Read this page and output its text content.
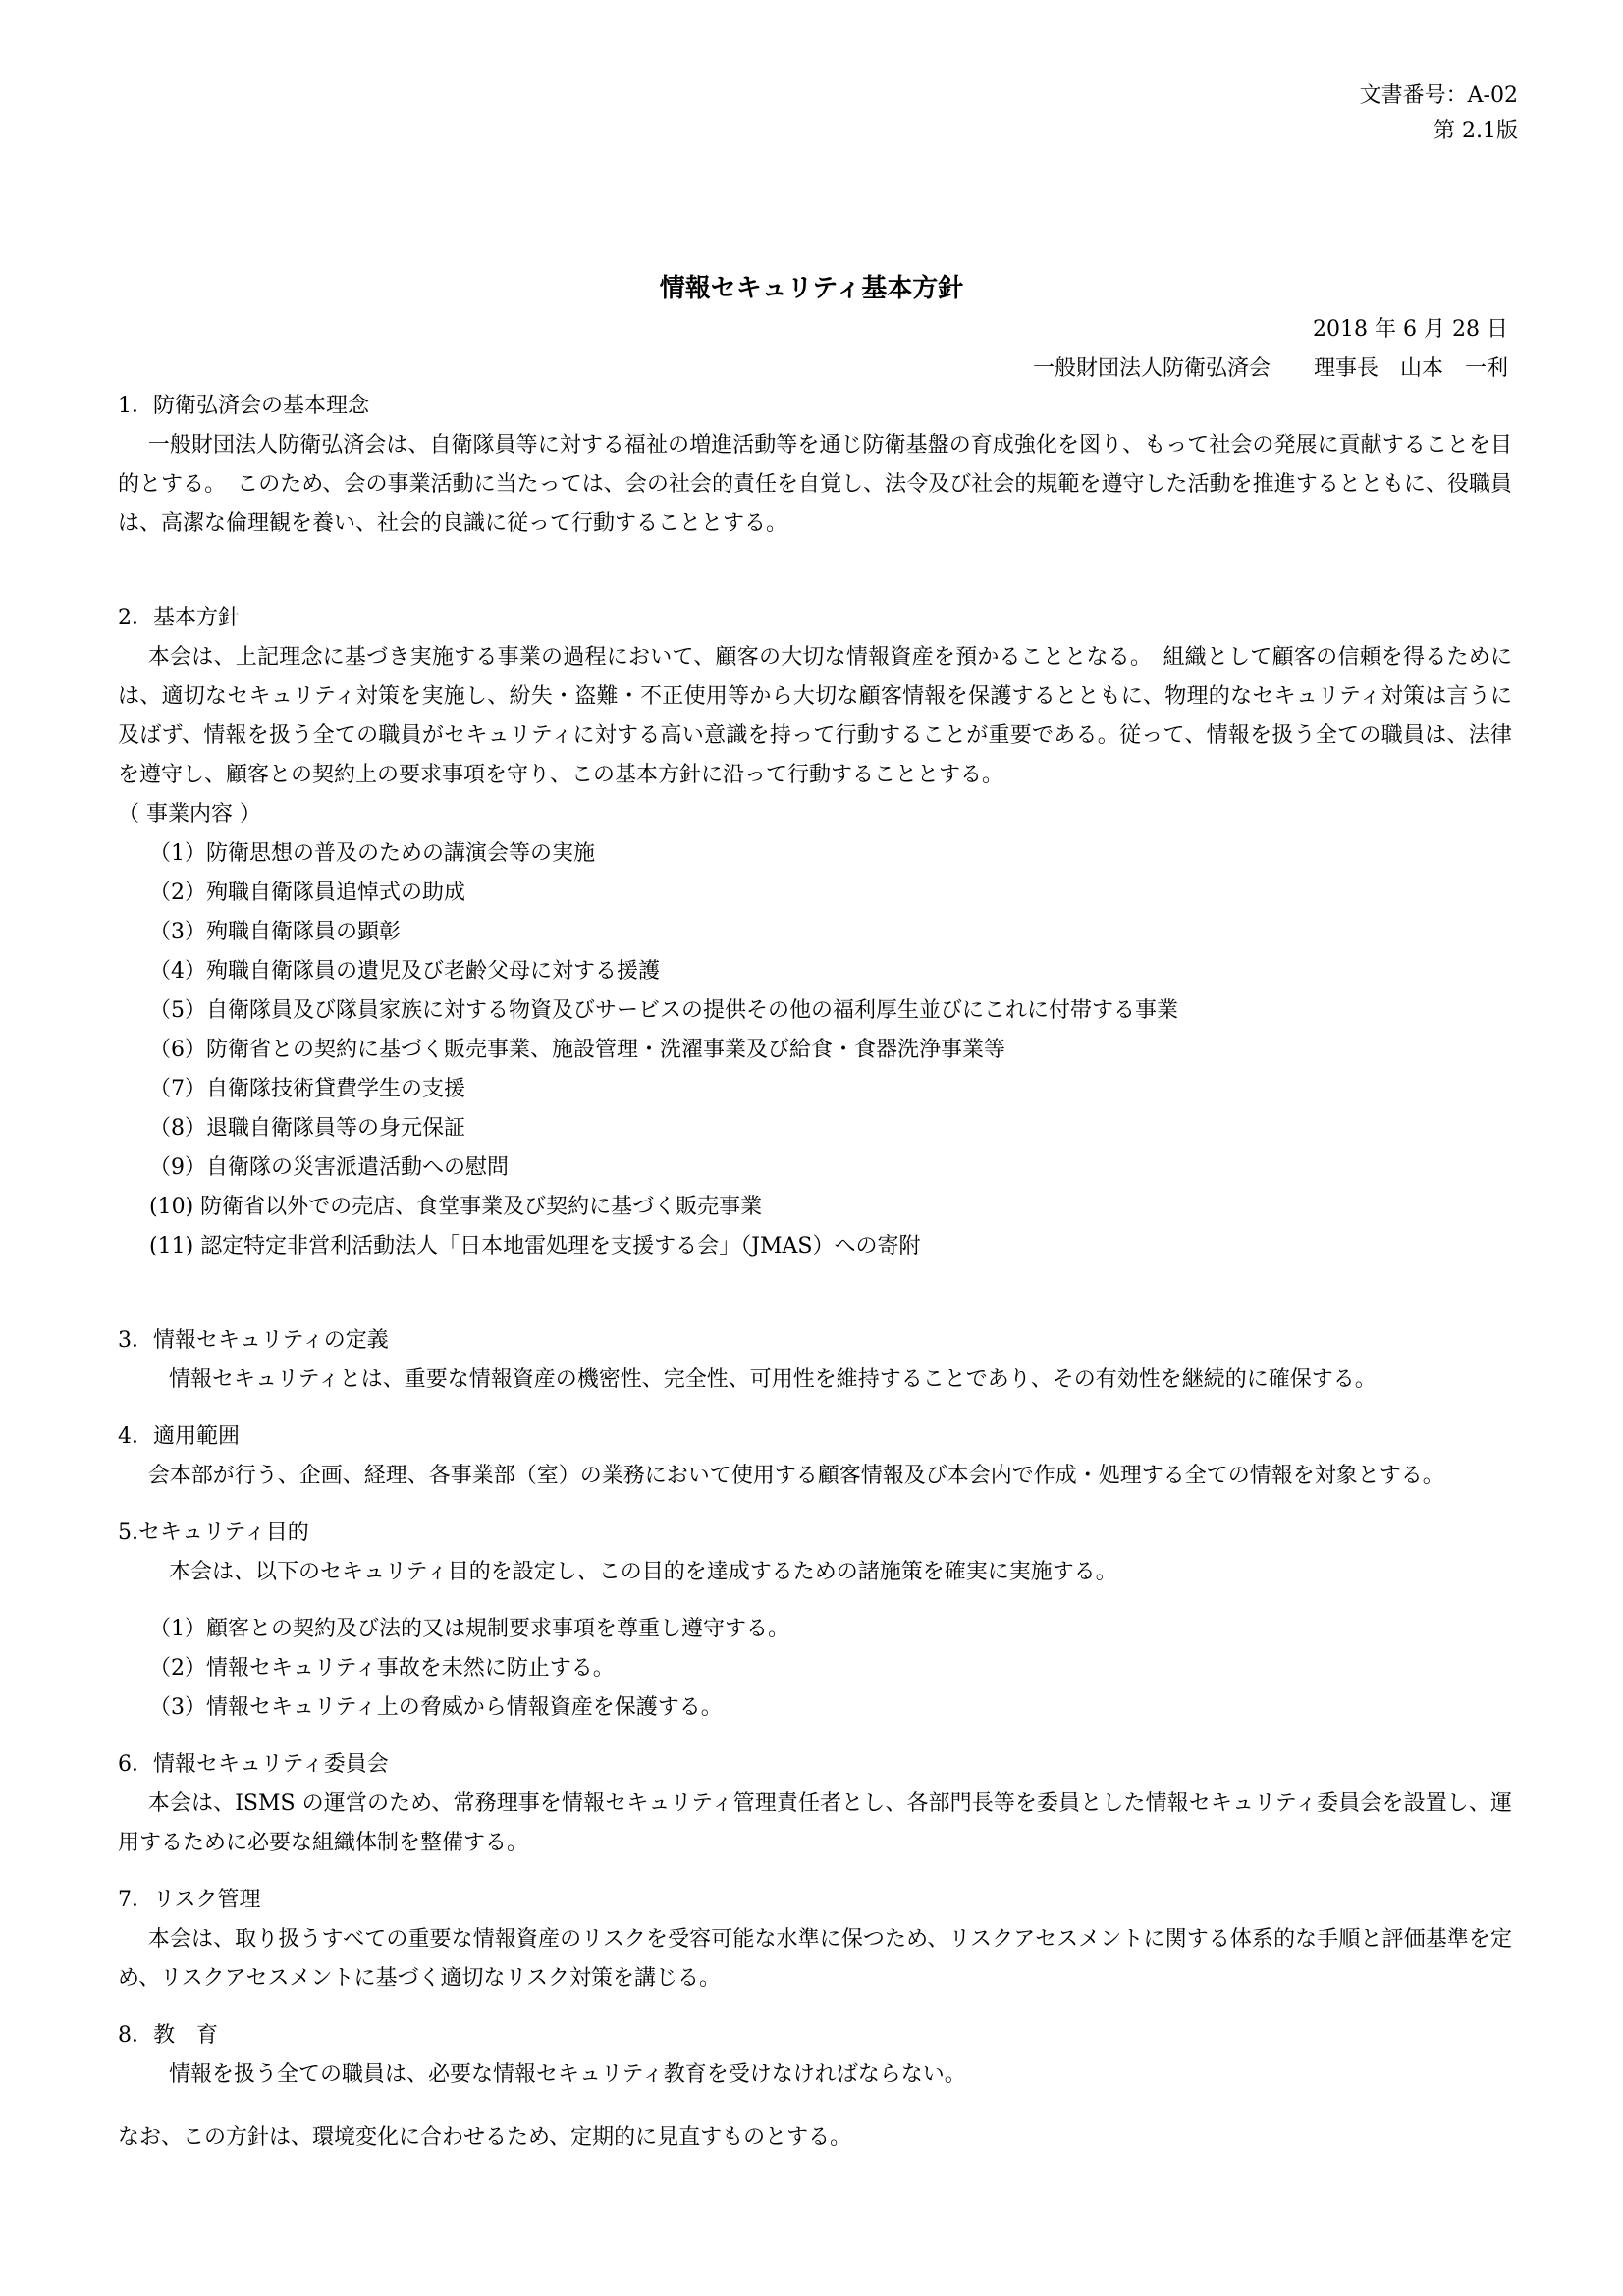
文書番号：A-02
第 2.1版
情報セキュリティ基本方針
2018 年 6 月 28 日
一般財団法人防衛弘済会　　理事長　山本　一利
1．防衛弘済会の基本理念

一般財団法人防衛弘済会は、自衛隊員等に対する福祉の増進活動等を通じ防衛基盤の育成強化を図り、もって社会の発展に貢献することを目的とする。　このため、会の事業活動に当たっては、会の社会的責任を自覚し、法令及び社会的規範を遵守した活動を推進するとともに、役職員は、高潔な倫理観を養い、社会的良識に従って行動することとする。

2．基本方針

本会は、上記理念に基づき実施する事業の過程において、顧客の大切な情報資産を預かることとなる。　組織として顧客の信頼を得るためには、適切なセキュリティ対策を実施し、紛失・盗難・不正使用等から大切な顧客情報を保護するとともに、物理的なセキュリティ対策は言うに及ばず、情報を扱う全ての職員がセキュリティに対する高い意識を持って行動することが重要である。従って、情報を扱う全ての職員は、法律を遵守し、顧客との契約上の要求事項を守り、この基本方針に沿って行動することとする。

（ 事業内容 ）
（1）防衛思想の普及のための講演会等の実施
（2）殉職自衛隊員追悼式の助成
（3）殉職自衛隊員の顕彰
（4）殉職自衛隊員の遺児及び老齢父母に対する援護
（5）自衛隊員及び隊員家族に対する物資及びサービスの提供その他の福利厚生並びにこれに付帯する事業
（6）防衛省との契約に基づく販売事業、施設管理・洗濯事業及び給食・食器洗浄事業等
（7）自衛隊技術貸費学生の支援
（8）退職自衛隊員等の身元保証
（9）自衛隊の災害派遣活動への慰問
(10) 防衛省以外での売店、食堂事業及び契約に基づく販売事業
(11) 認定特定非営利活動法人「日本地雷処理を支援する会」（JMAS）への寄附
3．情報セキュリティの定義

情報セキュリティとは、重要な情報資産の機密性、完全性、可用性を維持することであり、その有効性を継続的に確保する。

4．適用範囲

会本部が行う、企画、経理、各事業部（室）の業務において使用する顧客情報及び本会内で作成・処理する全ての情報を対象とする。

5.セキュリティ目的

本会は、以下のセキュリティ目的を設定し、この目的を達成するための諸施策を確実に実施する。

（1）顧客との契約及び法的又は規制要求事項を尊重し遵守する。
（2）情報セキュリティ事故を未然に防止する。
（3）情報セキュリティ上の脅威から情報資産を保護する。
6．情報セキュリティ委員会

本会は、ISMS の運営のため、常務理事を情報セキュリティ管理責任者とし、各部門長等を委員とした情報セキュリティ委員会を設置し、運用するために必要な組織体制を整備する。

7．リスク管理

本会は、取り扱うすべての重要な情報資産のリスクを受容可能な水準に保つため、リスクアセスメントに関する体系的な手順と評価基準を定め、リスクアセスメントに基づく適切なリスク対策を講じる。

8．教　育

情報を扱う全ての職員は、必要な情報セキュリティ教育を受けなければならない。

なお、この方針は、環境変化に合わせるため、定期的に見直すものとする。
